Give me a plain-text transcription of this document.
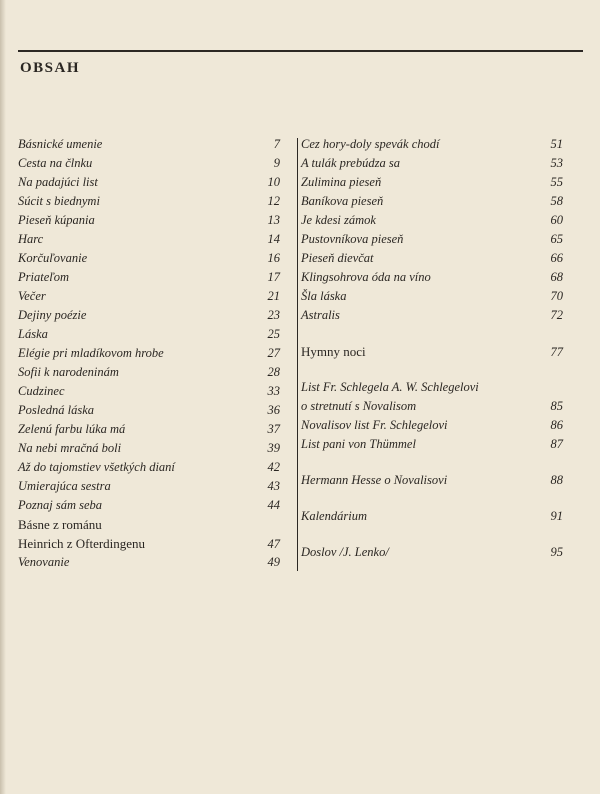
OBSAH
Básnické umenie	7
Cesta na člnku	9
Na padajúci list	10
Súcit s biednymi	12
Pieseň kúpania	13
Harc	14
Korčuľovanie	16
Priateľom	17
Večer	21
Dejiny poézie	23
Láska	25
Elégie pri mladíkovom hrobe	27
Sofii k narodeninám	28
Cudzinec	33
Posledná láska	36
Zelenú farbu lúka má	37
Na nebi mračná boli	39
Až do tajomstiev všetkých dianí	42
Umierajúca sestra	43
Poznaj sám seba	44
Básne z románu
Heinrich z Ofterdingenu	47
Venovanie	49
Cez hory-doly spevák chodí	51
A tulák prebúdza sa	53
Zulimina pieseň	55
Baníkova pieseň	58
Je kdesi zámok	60
Pustovníkova pieseň	65
Pieseň dievčat	66
Klingsohrova óda na víno	68
Šla láska	70
Astralis	72
Hymny noci	77
List Fr. Schlegela A. W. Schlegelovi
o stretnutí s Novalisom	85
Novalisov list Fr. Schlegelovi	86
List pani von Thümmel	87
Hermann Hesse o Novalisovi	88
Kalendárium	91
Doslov /J. Lenko/	95
